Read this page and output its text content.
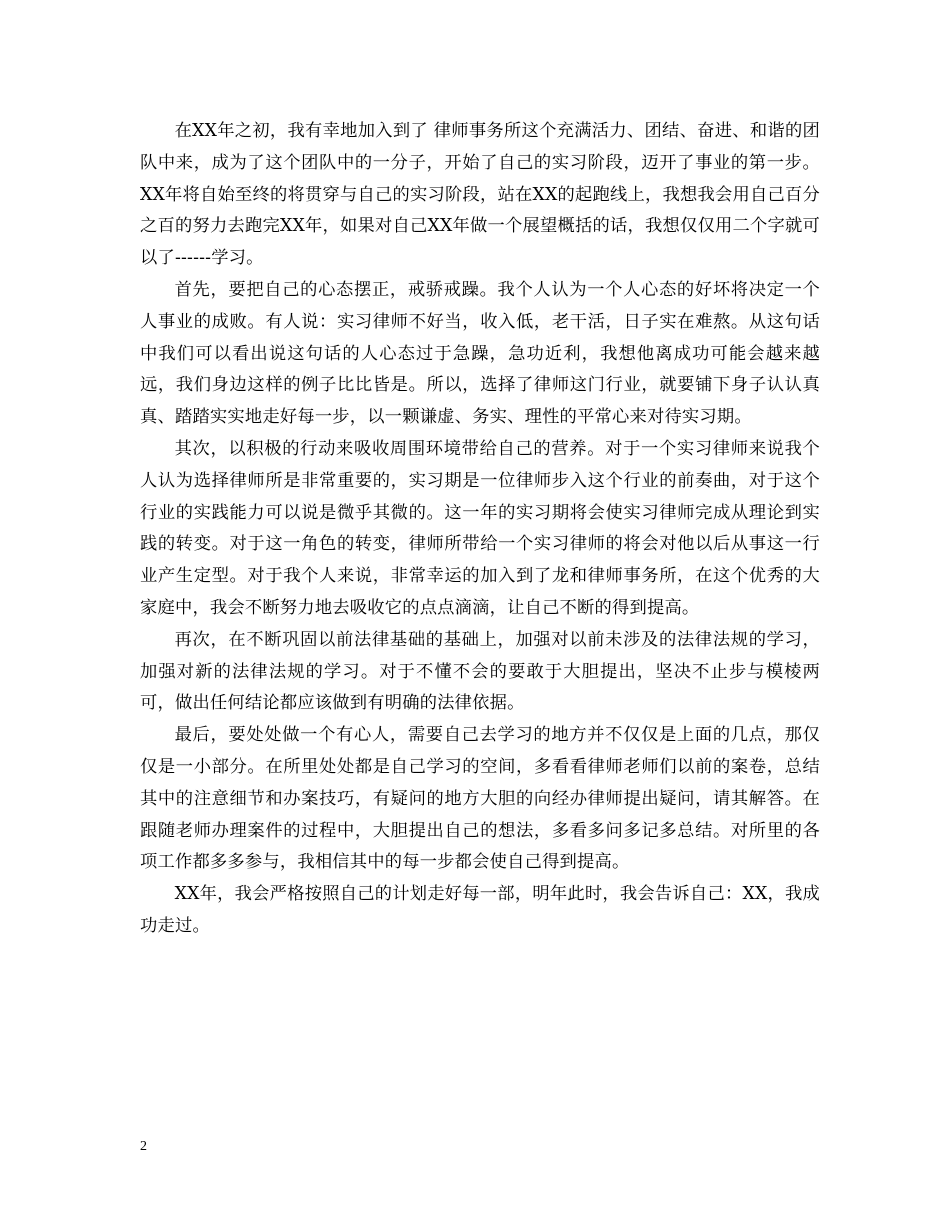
在XX年之初，我有幸地加入到了 律师事务所这个充满活力、团结、奋进、和谐的团队中来，成为了这个团队中的一分子，开始了自己的实习阶段，迈开了事业的第一步。XX年将自始至终的将贯穿与自己的实习阶段，站在XX的起跑线上，我想我会用自己百分之百的努力去跑完XX年，如果对自己XX年做一个展望概括的话，我想仅仅用二个字就可以了------学习。

首先，要把自己的心态摆正，戒骄戒躁。我个人认为一个人心态的好坏将决定一个人事业的成败。有人说：实习律师不好当，收入低，老干活，日子实在难熬。从这句话中我们可以看出说这句话的人心态过于急躁，急功近利，我想他离成功可能会越来越远，我们身边这样的例子比比皆是。所以，选择了律师这门行业，就要铺下身子认认真真、踏踏实实地走好每一步，以一颗谦虚、务实、理性的平常心来对待实习期。

其次，以积极的行动来吸收周围环境带给自己的营养。对于一个实习律师来说我个人认为选择律师所是非常重要的，实习期是一位律师步入这个行业的前奏曲，对于这个行业的实践能力可以说是微乎其微的。这一年的实习期将会使实习律师完成从理论到实践的转变。对于这一角色的转变，律师所带给一个实习律师的将会对他以后从事这一行业产生定型。对于我个人来说，非常幸运的加入到了龙和律师事务所，在这个优秀的大家庭中，我会不断努力地去吸收它的点点滴滴，让自己不断的得到提高。

再次，在不断巩固以前法律基础的基础上，加强对以前未涉及的法律法规的学习，加强对新的法律法规的学习。对于不懂不会的要敢于大胆提出，坚决不止步与模棱两可，做出任何结论都应该做到有明确的法律依据。

最后，要处处做一个有心人，需要自己去学习的地方并不仅仅是上面的几点，那仅仅是一小部分。在所里处处都是自己学习的空间，多看看律师老师们以前的案卷，总结其中的注意细节和办案技巧，有疑问的地方大胆的向经办律师提出疑问，请其解答。在跟随老师办理案件的过程中，大胆提出自己的想法，多看多问多记多总结。对所里的各项工作都多多参与，我相信其中的每一步都会使自己得到提高。

XX年，我会严格按照自己的计划走好每一部，明年此时，我会告诉自己：XX，我成功走过。

2
